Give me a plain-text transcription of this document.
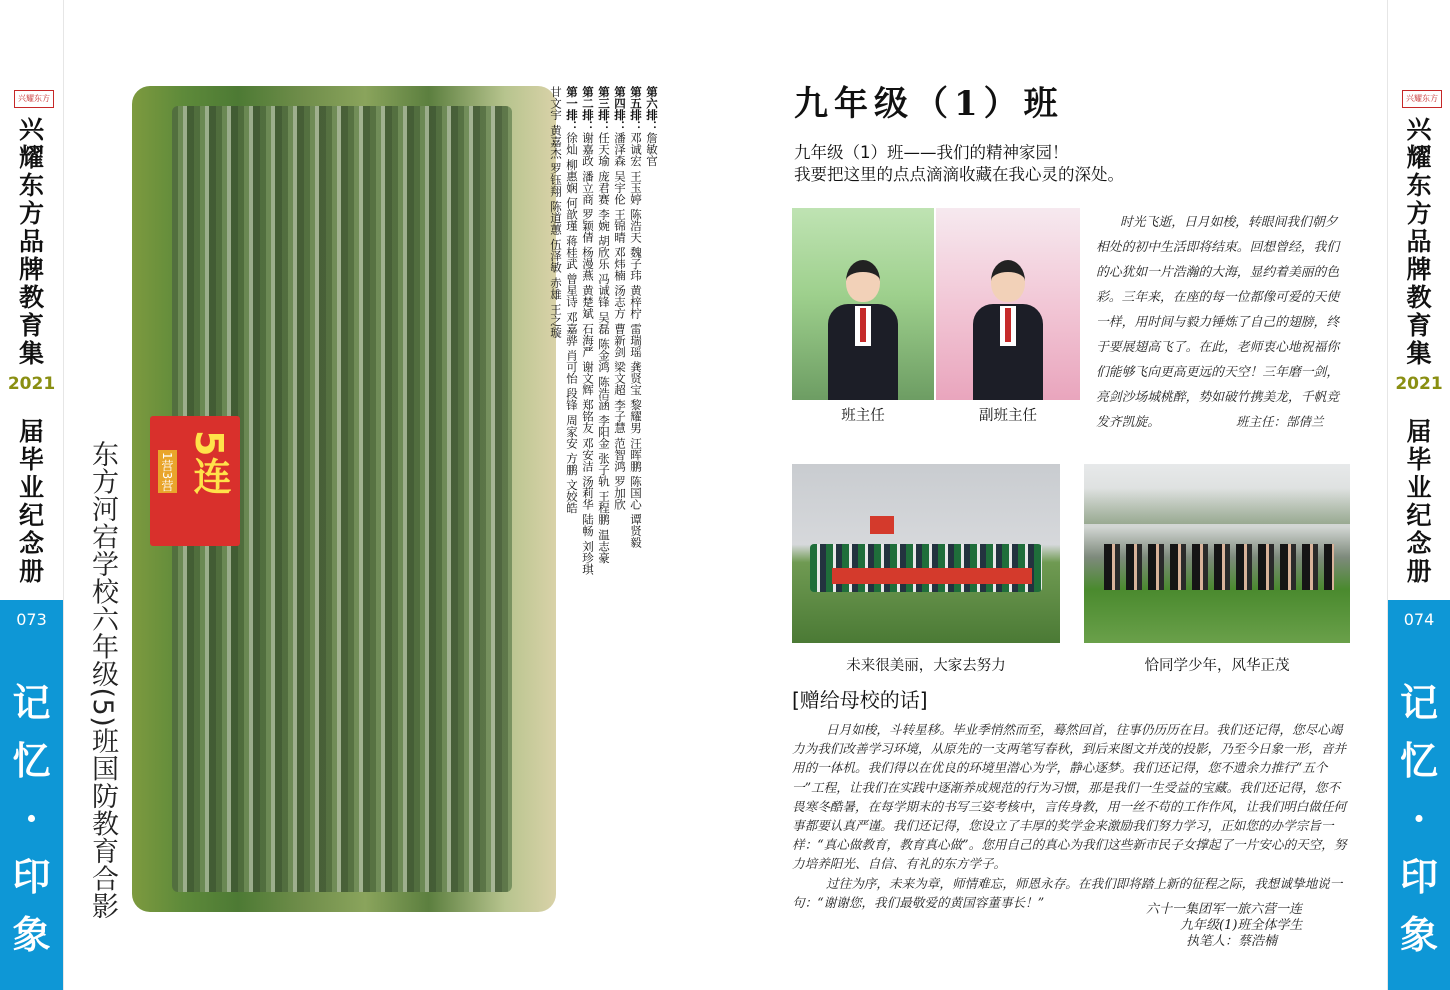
兴耀东方
兴
耀
东
方
品
牌
教
育
集
2021
届
毕
业
纪
念
册
073
记
忆
·
印
象
东方河宕学校六年级(5)班国防教育合影	1营3营 5连
第六排：詹敏官
第五排：邓诚宏 王玉婷 陈浩天 魏子玮 黄梓柠 雷瑞瑶 龚贤宝 黎耀男 汪晖鹏 陈国心 谭贤毅
第四排：潘泽森 吴宇伦 王锦晴 邓炜楠 汤志方 曹新剑 梁文超 李子慧 范智鸿 罗加欣
第三排：任天瑜 庞君赛 李婉 胡欣乐 冯诚锋 吴磊 陈金鸿 陈浩涵 李阳金 张子轨 王程鹏 温志豪
第二排：谢嘉政 潘立商 罗颖倩 杨漫燕 黄楚斌 石海严 谢文辉 郑铭友 邓安洁 汤莉华 陆畅 刘珍琪
第一排：徐灿 柳惠娴 何歆瑾 蒋桂武 曾星诗 邓嘉骅 肖可怡 段锋 周家安 方鹏 文姣皓
甘文宇 黄嘉杰 罗钰翔 陈道蕙 伍泽敏 赤雄 王之璇	九年级（1）班
九年级（1）班——我们的精神家园！
我要把这里的点点滴滴收藏在我心灵的深处。
班主任	副班主任
时光飞逝，日月如梭，转眼间我们朝夕相处的初中生活即将结束。回想曾经，我们的心犹如一片浩瀚的大海，显约着美丽的色彩。三年来，在座的每一位都像可爱的天使一样，用时间与毅力锤炼了自己的翅膀，终于要展翅高飞了。在此，老师衷心地祝福你们能够飞向更高更远的天空！三年磨一剑，亮剑沙场城桃醉，势如破竹携美龙，千帆竞发齐凯旋。	班主任：郜倩兰
未来很美丽，大家去努力	恰同学少年，风华正茂
[赠给母校的话]

日月如梭，斗转星移。毕业季悄然而至，蓦然回首，往事仍历历在目。我们还记得，您尽心竭力为我们改善学习环境，从原先的一支两笔写春秋，到后来图文并茂的投影，乃至今日象一形，音并用的一体机。我们得以在优良的环境里潜心为学，静心逐梦。我们还记得，您不遗余力推行“五个一”工程，让我们在实践中逐渐养成规范的行为习惯，那是我们一生受益的宝藏。我们还记得，您不畏寒冬酷暑，在每学期末的书写三姿考核中，言传身教，用一丝不苟的工作作风，让我们明白做任何事都要认真严谨。我们还记得，您设立了丰厚的奖学金来激励我们努力学习，正如您的办学宗旨一样：“真心做教育，教育真心做”。您用自己的真心为我们这些新市民子女撑起了一片安心的天空，努力培养阳光、自信、有礼的东方学子。

过往为序，未来为章，师情难忘，师恩永存。在我们即将踏上新的征程之际，我想诚挚地说一句：“谢谢您，我们最敬爱的黄国容董事长！”	六十一集团军一旅六营一连
九年级(1)班全体学生
执笔人：蔡浩楠
兴耀东方
兴
耀
东
方
品
牌
教
育
集
2021
届
毕
业
纪
念
册
074
记
忆
·
印
象
